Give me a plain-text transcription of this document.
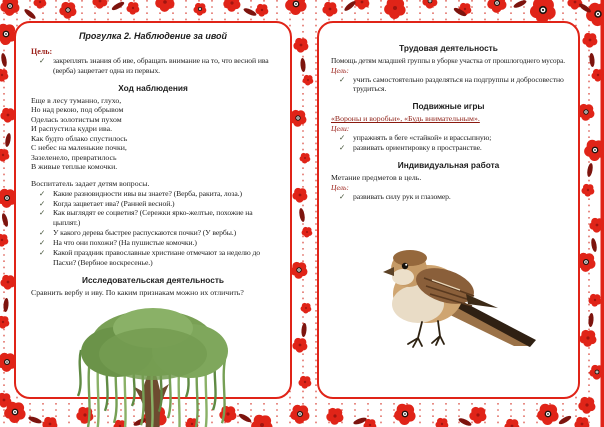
Прогулка 2. Наблюдение за ивой
Цель:
✓	закреплять знания об иве, обращать внимание на то, что весной ива (верба) зацветает одна из первых.
Ход наблюдения
Еще в лесу туманно, глухо,
Но над рекою, под обрывом
Оделась золотистым пухом
И распустила кудри ива.
Как будто облако спустилось
С небес на маленькие почки,
Зазеленело, превратилось
В живые теплые комочки.
Воспитатель задает детям вопросы.
✓	Какие разновидности ивы вы знаете? (Верба, ракита, лоза.)
✓	Когда зацветает ива? (Ранней весной.)
✓	Как выглядят ее соцветия? (Сережки ярко-желтые, похожие на цыплят.)
✓	У какого дерева быстрее распускаются почки? (У вербы.)
✓	На что они похожи? (На пушистые комочки.)
✓	Какой праздник православные христиане отмечают за неделю до Пасхи? (Вербное воскресенье.)
Исследовательская деятельность
Сравнить вербу и иву. По каким признакам можно их отличить?
Трудовая деятельность
Помощь детям младшей группы в уборке участка от прошлогоднего мусора.
Цель:
✓	учить самостоятельно разделяться на подгруппы и добросовестно трудиться.
Подвижные игры
«Вороны и воробьи», «Будь внимательным».
Цели:
✓	упражнять в беге «стайкой» и врассыпную;
✓	развивать ориентировку в пространстве.
Индивидуальная работа
Метание предметов в цель.
Цель:
✓	развивать силу рук и глазомер.
